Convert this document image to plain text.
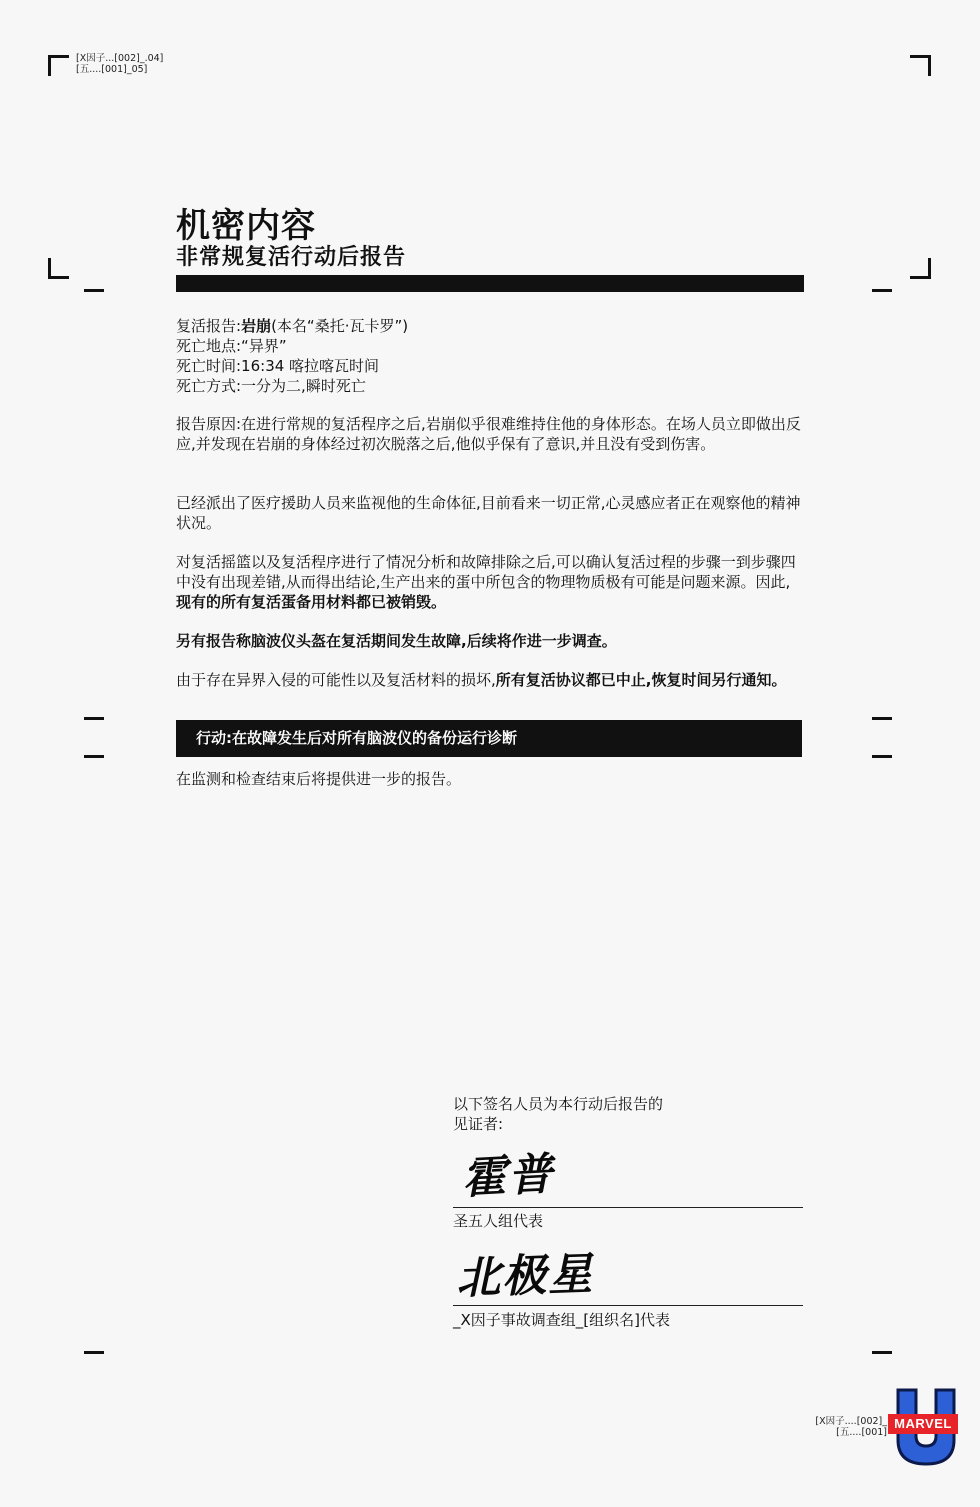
[X因子...[002]_.04]
[五....[001]_05]
机密内容
非常规复活行动后报告
复活报告:岩崩(本名“桑托·瓦卡罗”)
死亡地点:“异界”
死亡时间:16:34 喀拉喀瓦时间
死亡方式:一分为二,瞬时死亡

报告原因:在进行常规的复活程序之后,岩崩似乎很难维持住他的身体形态。在场人员立即做出反应,并发现在岩崩的身体经过初次脱落之后,他似乎保有了意识,并且没有受到伤害。

已经派出了医疗援助人员来监视他的生命体征,目前看来一切正常,心灵感应者正在观察他的精神状况。

对复活摇篮以及复活程序进行了情况分析和故障排除之后,可以确认复活过程的步骤一到步骤四中没有出现差错,从而得出结论,生产出来的蛋中所包含的物理物质极有可能是问题来源。因此,现有的所有复活蛋备用材料都已被销毁。

另有报告称脑波仪头盔在复活期间发生故障,后续将作进一步调查。

由于存在异界入侵的可能性以及复活材料的损坏,所有复活协议都已中止,恢复时间另行通知。

行动:在故障发生后对所有脑波仪的备份运行诊断
在监测和检查结束后将提供进一步的报告。
以下签名人员为本行动后报告的
见证者:
霍普
圣五人组代表
北极星
_X因子事故调查组_[组织名]代表
[X因子....[002]_
[五....[001]
MARVEL
